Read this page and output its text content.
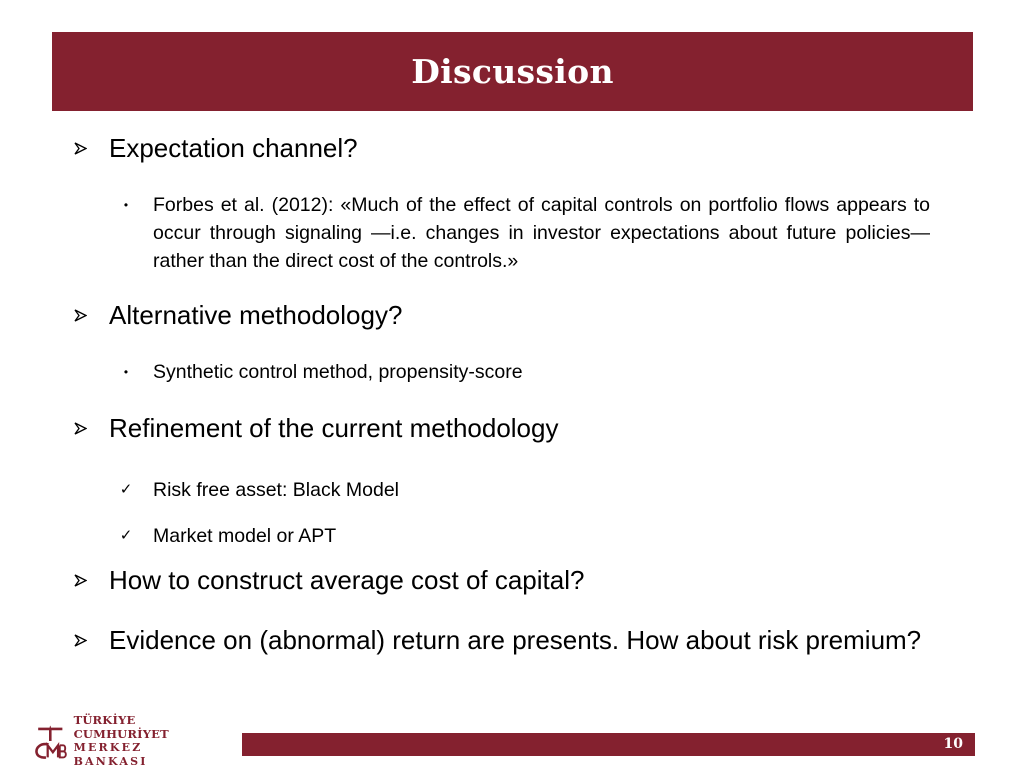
Discussion
Expectation channel?
•	Forbes et al. (2012): «Much of the effect of capital controls on portfolio flows appears to occur through signaling —i.e. changes in investor expectations about future policies— rather than the direct cost of the controls.»
Alternative methodology?
•	Synthetic control method, propensity-score
Refinement of the current methodology
✓ Risk free asset: Black Model
✓ Market model or APT
How to construct average cost of capital?
Evidence on (abnormal) return are presents. How about risk premium?
TÜRKİYE CUMHURİYET
MERKEZ BANKASI
10
